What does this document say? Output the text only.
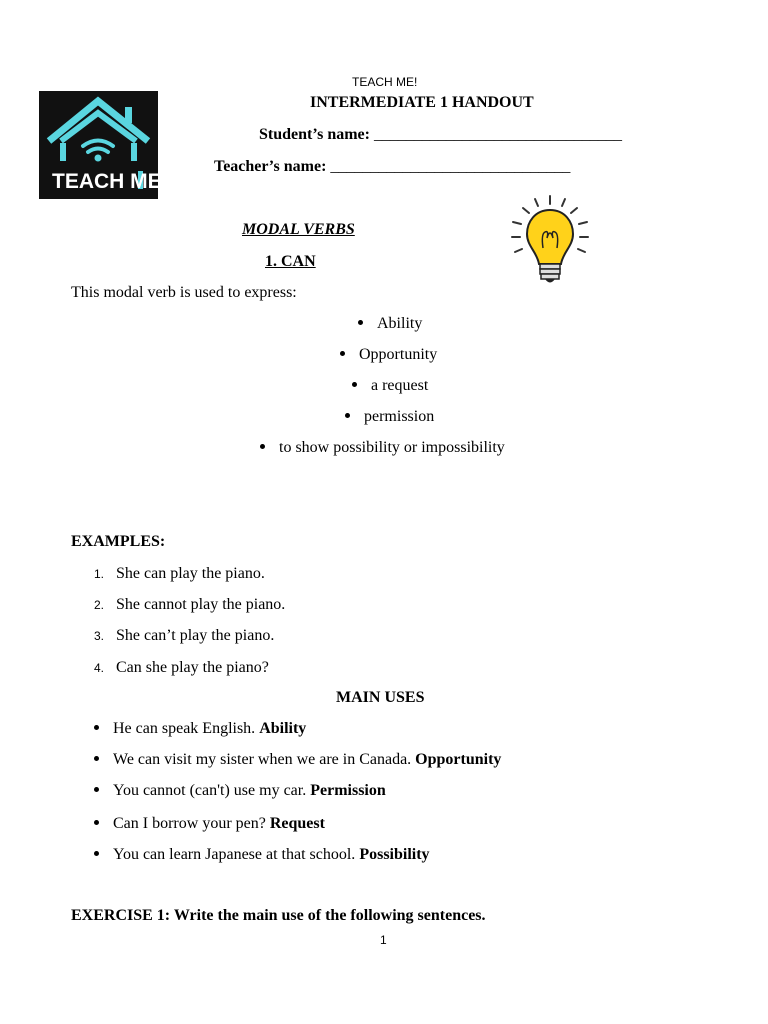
TEACH ME
TEACH ME!
INTERMEDIATE 1 HANDOUT
Student’s name: _______________________________
Teacher’s name: ______________________________
MODAL VERBS
1. CAN
This modal verb is used to express:
Ability
Opportunity
a request
permission
to show possibility or impossibility
EXAMPLES:
1. She can play the piano.
2. She cannot play the piano.
3. She can’t play the piano.
4. Can she play the piano?
MAIN USES
He can speak English. Ability
We can visit my sister when we are in Canada. Opportunity
You cannot (can't) use my car. Permission
Can I borrow your pen? Request
You can learn Japanese at that school. Possibility
EXERCISE 1: Write the main use of the following sentences.
1
